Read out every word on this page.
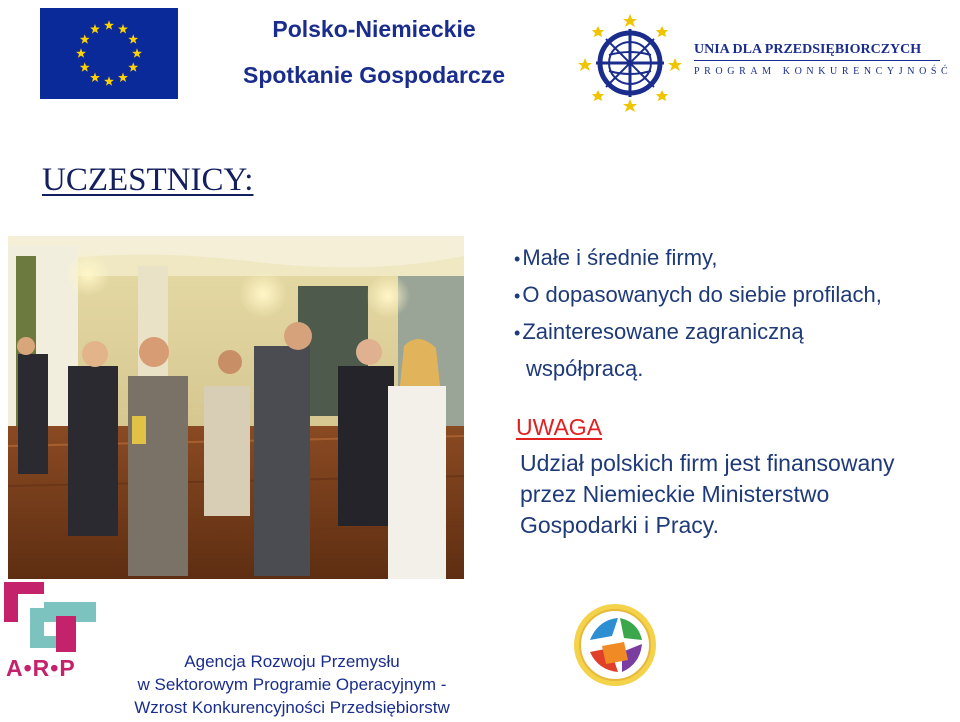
Polsko-Niemieckie
Spotkanie Gospodarcze
UNIA DLA PRZEDSIĘBIORCZYCH
PROGRAM KONKURENCYJNOŚĆ
UCZESTNICY:
•Małe i średnie firmy,
•O dopasowanych do siebie profilach,
•Zainteresowane zagraniczną
współpracą.
UWAGA
Udział polskich firm jest finansowany
przez Niemieckie Ministerstwo
Gospodarki i Pracy.
A•R•P	Agencja Rozwoju Przemysłu
w Sektorowym Programie Operacyjnym -
Wzrost Konkurencyjności Przedsiębiorstw
